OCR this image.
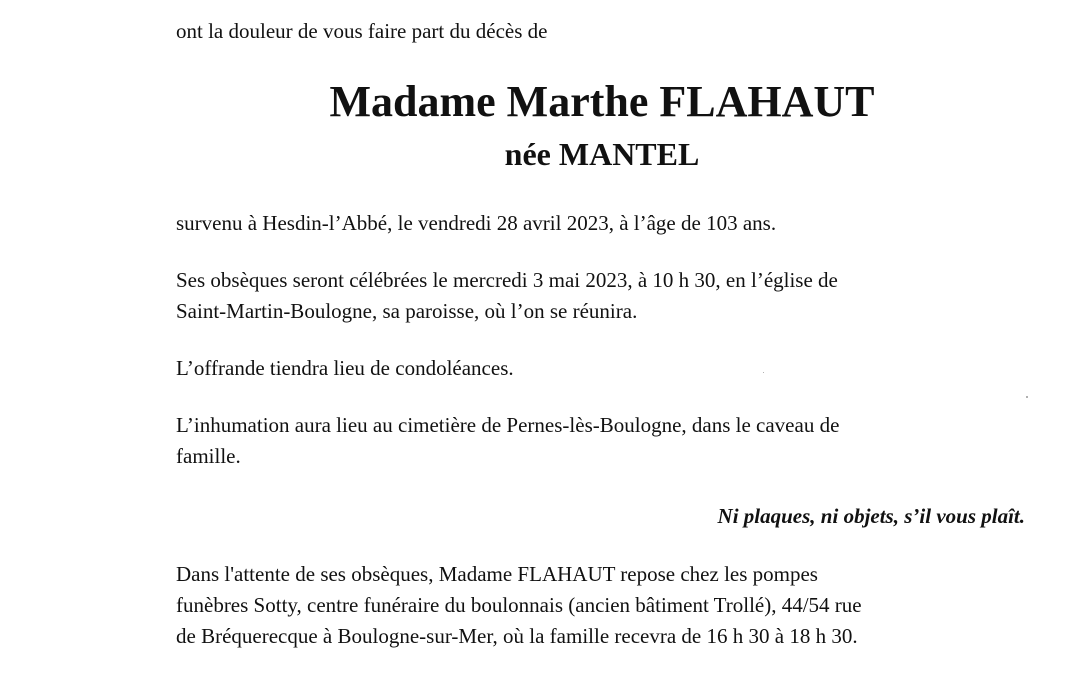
ont la douleur de vous faire part du décès de
Madame Marthe FLAHAUT
née MANTEL
survenu à Hesdin-l’Abbé, le vendredi 28 avril 2023, à l’âge de 103 ans.
Ses obsèques seront célébrées le mercredi 3 mai 2023, à 10 h 30, en l’église de
Saint-Martin-Boulogne, sa paroisse, où l’on se réunira.
L’offrande tiendra lieu de condoléances.
L’inhumation aura lieu au cimetière de Pernes-lès-Boulogne, dans le caveau de
famille.
Ni plaques, ni objets, s’il vous plaît.
Dans l'attente de ses obsèques, Madame FLAHAUT repose chez les pompes
funèbres Sotty, centre funéraire du boulonnais (ancien bâtiment Trollé), 44/54 rue
de Bréquerecque à Boulogne-sur-Mer, où la famille recevra de 16 h 30 à 18 h 30.
